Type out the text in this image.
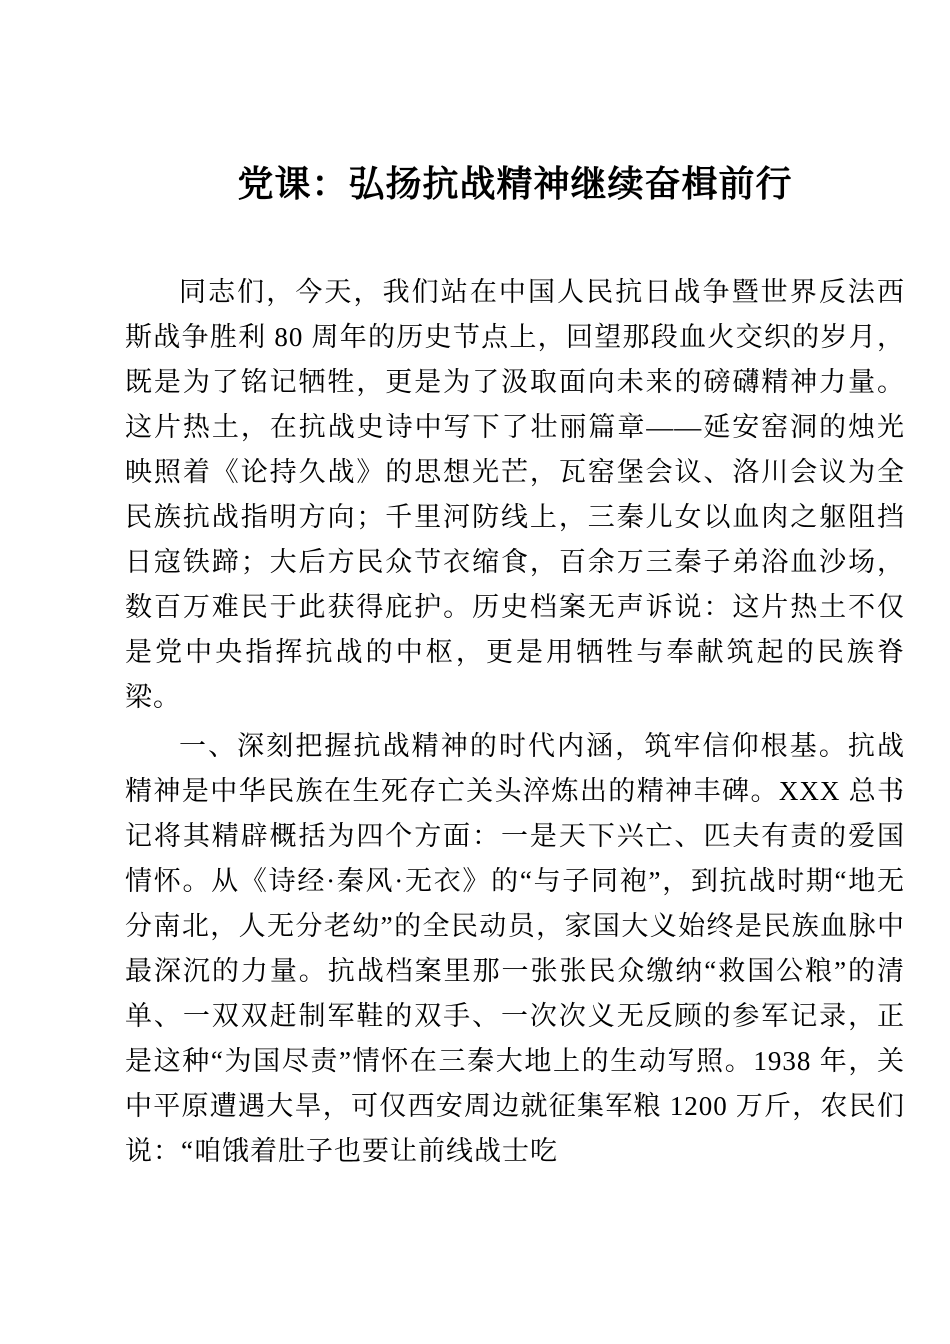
党课：弘扬抗战精神继续奋楫前行

同志们，今天，我们站在中国人民抗日战争暨世界反法西斯战争胜利 80 周年的历史节点上，回望那段血火交织的岁月，既是为了铭记牺牲，更是为了汲取面向未来的磅礴精神力量。这片热土，在抗战史诗中写下了壮丽篇章——延安窑洞的烛光映照着《论持久战》的思想光芒，瓦窑堡会议、洛川会议为全民族抗战指明方向；千里河防线上，三秦儿女以血肉之躯阻挡日寇铁蹄；大后方民众节衣缩食，百余万三秦子弟浴血沙场，数百万难民于此获得庇护。历史档案无声诉说：这片热土不仅是党中央指挥抗战的中枢，更是用牺牲与奉献筑起的民族脊梁。

一、深刻把握抗战精神的时代内涵，筑牢信仰根基。抗战精神是中华民族在生死存亡关头淬炼出的精神丰碑。XXX 总书记将其精辟概括为四个方面：一是天下兴亡、匹夫有责的爱国情怀。从《诗经·秦风·无衣》的“与子同袍”，到抗战时期“地无分南北，人无分老幼”的全民动员，家国大义始终是民族血脉中最深沉的力量。抗战档案里那一张张民众缴纳“救国公粮”的清单、一双双赶制军鞋的双手、一次次义无反顾的参军记录，正是这种“为国尽责”情怀在三秦大地上的生动写照。1938 年，关中平原遭遇大旱，可仅西安周边就征集军粮 1200 万斤，农民们说：“咱饿着肚子也要让前线战士吃
